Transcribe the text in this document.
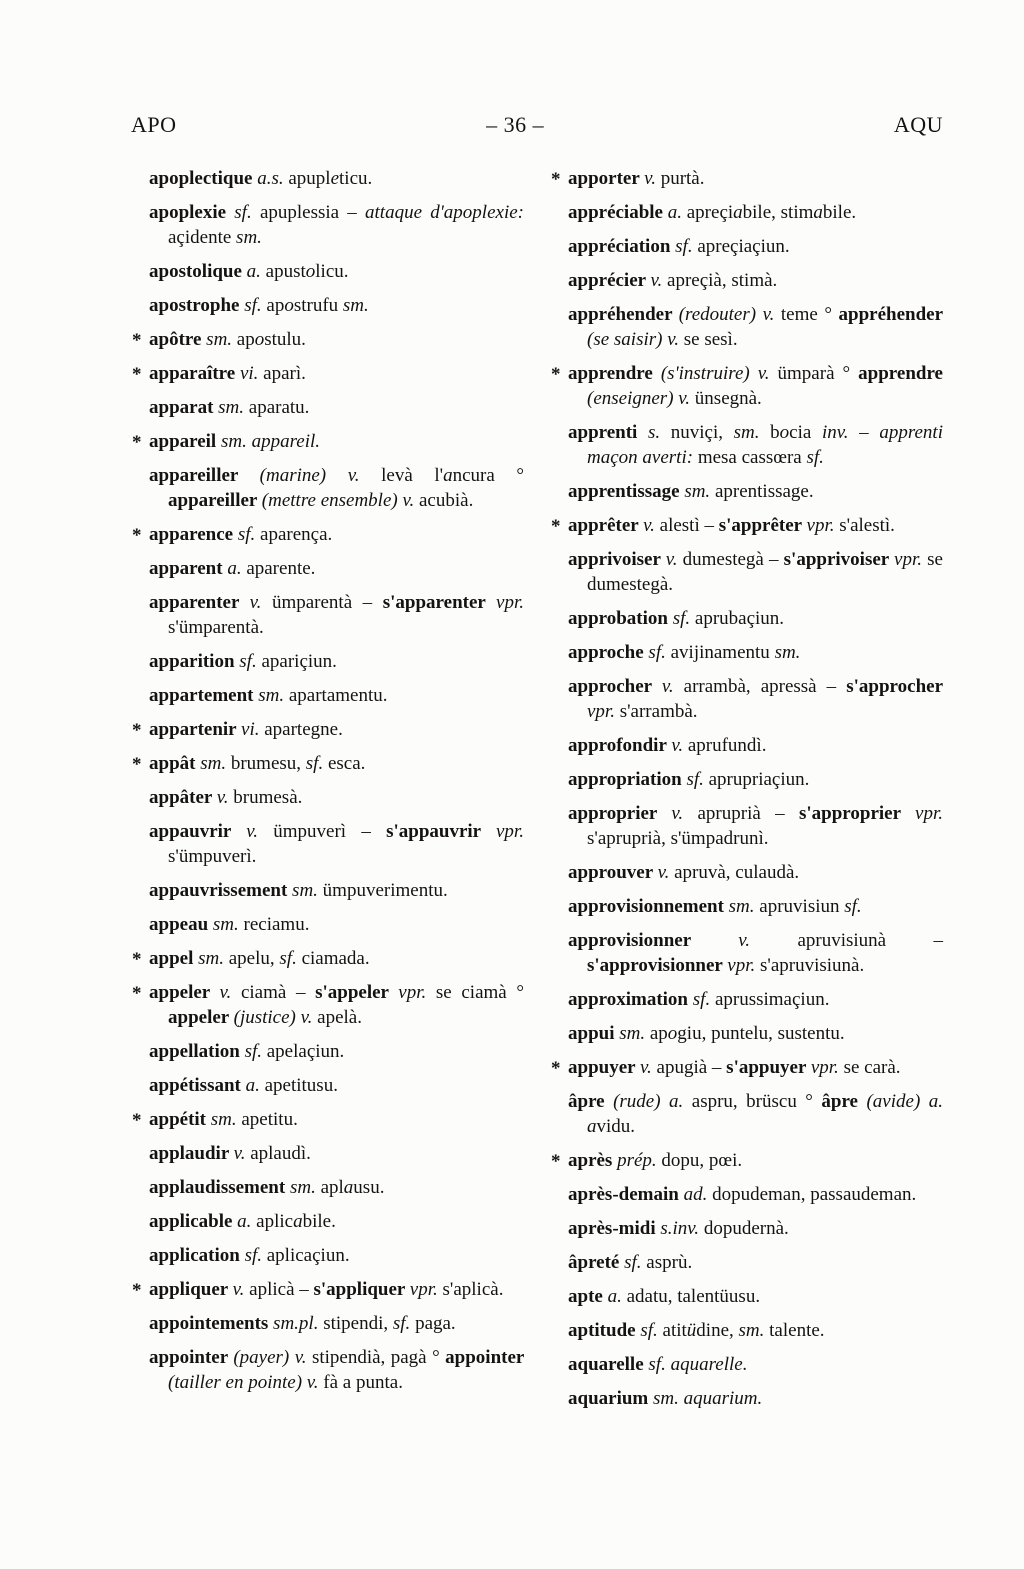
APO	– 36 –	AQU
apoplectique a.s. apupleticu.
apoplexie sf. apuplessia – attaque d'apoplexie: açidente sm.
apostolique a. apustolicu.
apostrophe sf. apostrufu sm.
* apôtre sm. apostulu.
* apparaître vi. aparì.
apparat sm. aparatu.
* appareil sm. appareil.
appareiller (marine) v. levà l'ancura ° appareiller (mettre ensemble) v. acubià.
* apparence sf. aparença.
apparent a. aparente.
apparenter v. ümparentà – s'apparenter vpr. s'ümparentà.
apparition sf. apariçiun.
appartement sm. apartamentu.
* appartenir vi. apartegne.
* appât sm. brumesu, sf. esca.
appâter v. brumesà.
appauvrir v. ümpuverì – s'appauvrir vpr. s'ümpuverì.
appauvrissement sm. ümpuverimentu.
appeau sm. reciamu.
* appel sm. apelu, sf. ciamada.
* appeler v. ciamà – s'appeler vpr. se ciamà ° appeler (justice) v. apelà.
appellation sf. apelaçiun.
appétissant a. apetitusu.
* appétit sm. apetitu.
applaudir v. aplaudì.
applaudissement sm. aplausu.
applicable a. aplicabile.
application sf. aplicaçiun.
* appliquer v. aplicà – s'appliquer vpr. s'aplicà.
appointements sm.pl. stipendi, sf. paga.
appointer (payer) v. stipendià, pagà ° appointer (tailler en pointe) v. fà a punta.
* apporter v. purtà.
appréciable a. apreçiabile, stimabile.
appréciation sf. apreçiaçiun.
apprécier v. apreçià, stimà.
appréhender (redouter) v. teme ° appréhender (se saisir) v. se sesì.
* apprendre (s'instruire) v. ümparà ° apprendre (enseigner) v. ünsegnà.
apprenti s. nuviçi, sm. bocia inv. – apprenti maçon averti: mesa cassœra sf.
apprentissage sm. aprentissage.
* apprêter v. alestì – s'apprêter vpr. s'alestì.
apprivoiser v. dumestegà – s'apprivoiser vpr. se dumestegà.
approbation sf. aprubaçiun.
approche sf. avijinamentu sm.
approcher v. arrambà, apressà – s'approcher vpr. s'arrambà.
approfondir v. aprufundì.
appropriation sf. aprupriaçiun.
approprier v. apruprià – s'approprier vpr. s'apruprià, s'ümpadrunì.
approuver v. apruvà, culaudà.
approvisionnement sm. apruvisiun sf.
approvisionner v. apruvisiunà – s'approvisionner vpr. s'apruvisiunà.
approximation sf. aprussimaçiun.
appui sm. apogiu, puntelu, sustentu.
* appuyer v. apugià – s'appuyer vpr. se carà.
âpre (rude) a. aspru, brüscu ° âpre (avide) a. avidu.
* après prép. dopu, pœi.
après-demain ad. dopudeman, passaudeman.
après-midi s.inv. dopudernà.
âpreté sf. asprù.
apte a. adatu, talentüusu.
aptitude sf. atitüdine, sm. talente.
aquarelle sf. aquarelle.
aquarium sm. aquarium.
